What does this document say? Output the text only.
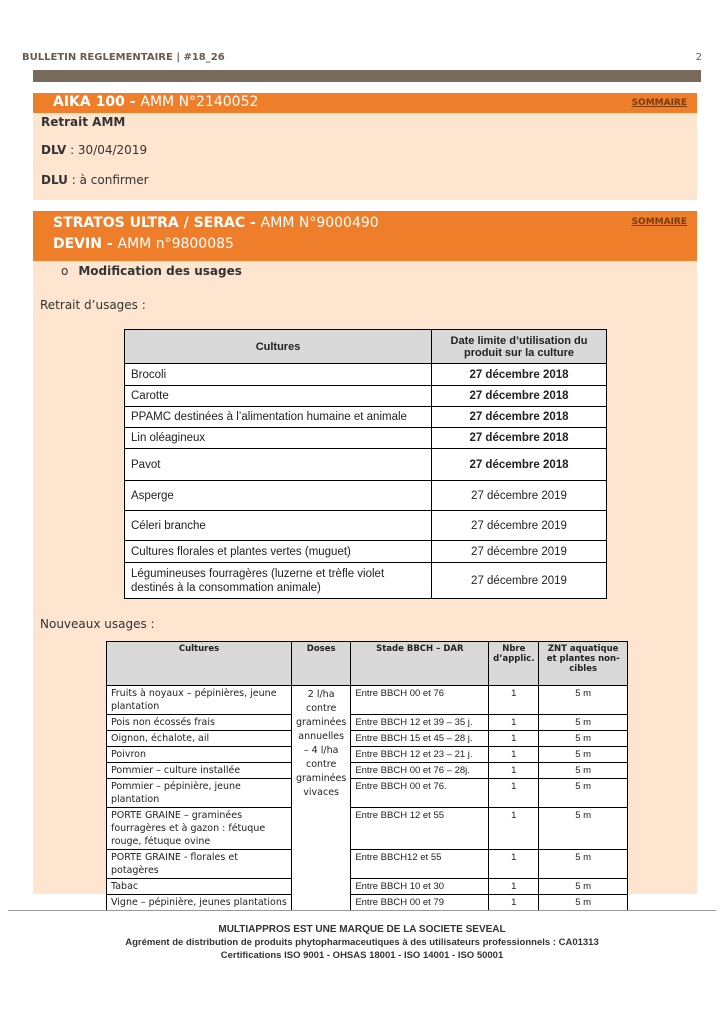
BULLETIN REGLEMENTAIRE | #18_26	2
AIKA 100 - AMM N°2140052	SOMMAIRE
Retrait AMM
DLV : 30/04/2019
DLU : à confirmer
STRATOS ULTRA / SERAC - AMM N°9000490
DEVIN - AMM n°9800085
SOMMAIRE
o Modification des usages
Retrait d’usages :
Nouveaux usages :
Cultures	Date limite d’utilisation du produit sur la culture
Brocoli	27 décembre 2018
Carotte	27 décembre 2018
PPAMC destinées à l’alimentation humaine et animale	27 décembre 2018
Lin oléagineux	27 décembre 2018
Pavot	27 décembre 2018
Asperge	27 décembre 2019
Céleri branche	27 décembre 2019
Cultures florales et plantes vertes (muguet)	27 décembre 2019
Légumineuses fourragères (luzerne et trèfle violet destinés à la consommation animale)	27 décembre 2019
Cultures	Doses	Stade BBCH – DAR	Nbre d’applic.	ZNT aquatique et plantes non-cibles
Fruits à noyaux – pépinières, jeune plantation	2 l/ha contre graminées annuelles – 4 l/ha contre graminées vivaces	Entre BBCH 00 et 76	1	5 m
Pois non écossés frais		Entre BBCH 12 et 39 – 35 j.	1	5 m
Oignon, échalote, ail		Entre BBCH 15 et 45 – 28 j.	1	5 m
Poivron		Entre BBCH 12 et 23 – 21 j.	1	5 m
Pommier – culture installée		Entre BBCH 00 et 76 – 28j.	1	5 m
Pommier – pépinière, jeune plantation		Entre BBCH 00 et 76.	1	5 m
PORTE GRAINE – graminées fourragères et à gazon : fétuque rouge, fétuque ovine		Entre BBCH 12 et 55	1	5 m
PORTE GRAINE - florales et potagères		Entre BBCH12 et 55	1	5 m
Tabac		Entre BBCH 10 et 30	1	5 m
Vigne – pépinière, jeunes plantations		Entre BBCH 00 et 79	1	5 m
MULTIAPPROS EST UNE MARQUE DE LA SOCIETE SEVEAL
Agrément de distribution de produits phytopharmaceutiques à des utilisateurs professionnels : CA01313
Certifications ISO 9001 - OHSAS 18001 - ISO 14001 - ISO 50001
